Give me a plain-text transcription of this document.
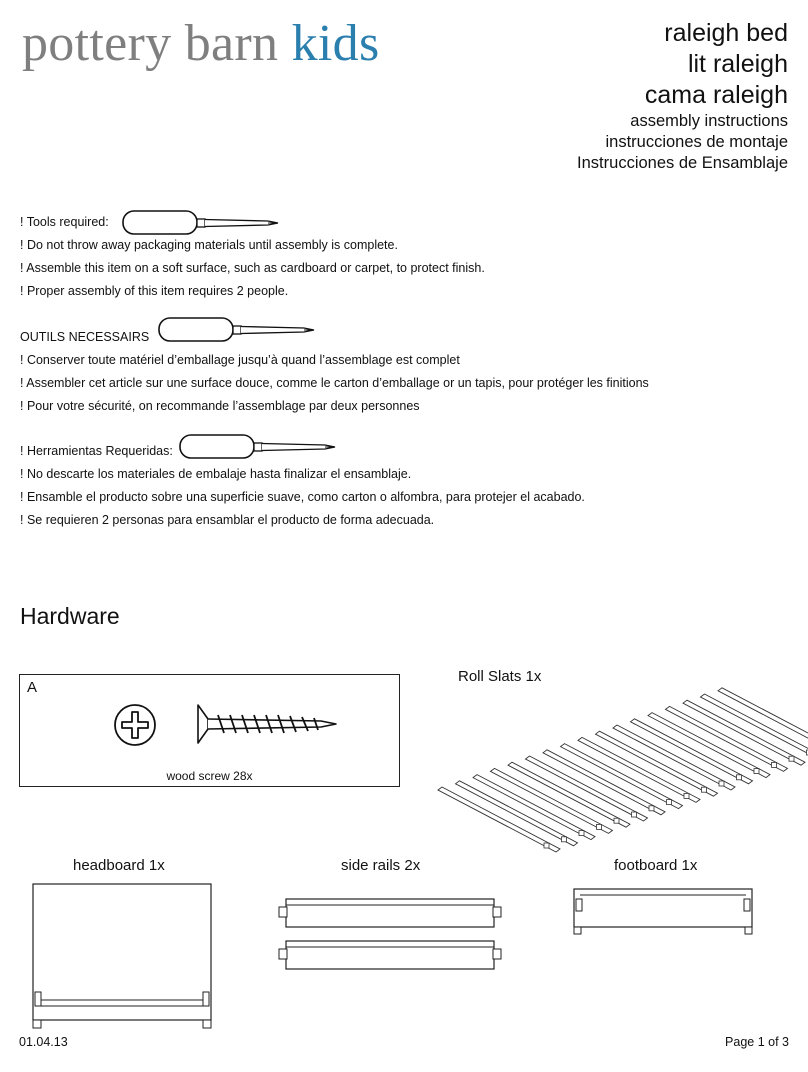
pottery barn kids	raleigh bed
lit raleigh
cama raleigh
assembly instructions
instrucciones de montaje
Instrucciones de Ensamblaje
! Tools required:
! Do not throw away packaging materials until assembly is complete.
! Assemble this item on a soft surface, such as cardboard or carpet, to protect finish.
! Proper assembly of this item requires 2 people.
OUTILS NECESSAIRS
! Conserver toute matériel d’emballage jusqu’à quand l’assemblage est complet
! Assembler cet article sur une surface douce, comme le carton d’emballage or un tapis, pour protéger les finitions
! Pour votre sécurité, on recommande l’assemblage par deux personnes
! Herramientas Requeridas:
! No descarte los materiales de embalaje hasta finalizar el ensamblaje.
! Ensamble el producto sobre una superficie suave, como carton o alfombra, para protejer el acabado.
! Se requieren 2 personas para ensamblar el producto de forma adecuada.
Hardware
A
wood screw 28x
Roll Slats 1x
headboard 1x	side rails 2x	footboard 1x
01.04.13	Page 1 of 3
